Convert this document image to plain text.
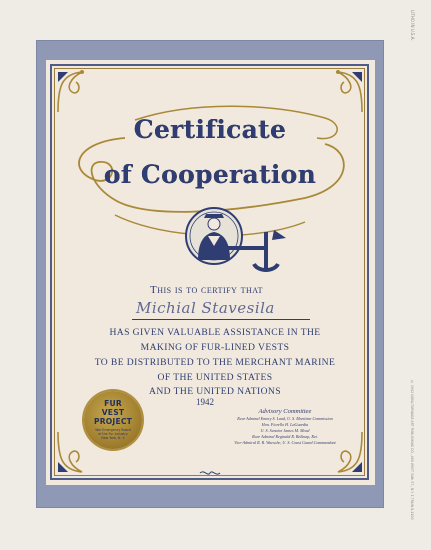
Certificate
of Cooperation
This is to certify that
Michial Stavesila
HAS GIVEN VALUABLE ASSISTANCE IN THE
MAKING OF FUR-LINED VESTS
TO BE DISTRIBUTED TO THE MERCHANT MARINE
OF THE UNITED STATES
AND THE UNITED NATIONS
1942
FUR
VEST
PROJECT
War Emergency Board
of the Fur Industry
New York, N. Y.
Advisory Committee
Rear Admiral Emory S. Land, U. S. Maritime Commission
Hon. Fiorello H. LaGuardia
U. S. Senator James M. Mead
Rear Admiral Reginald R. Belknap, Ret.
Vice-Admiral R. R. Waesche, U. S. Coast Guard Commandant
LITHO IN U.S.A.
© 1942 GOVA-TURNAGE ART PUBLISHING CO., 460 WEST 34th ST., N.Y. 1 TRAIN 8-1100
